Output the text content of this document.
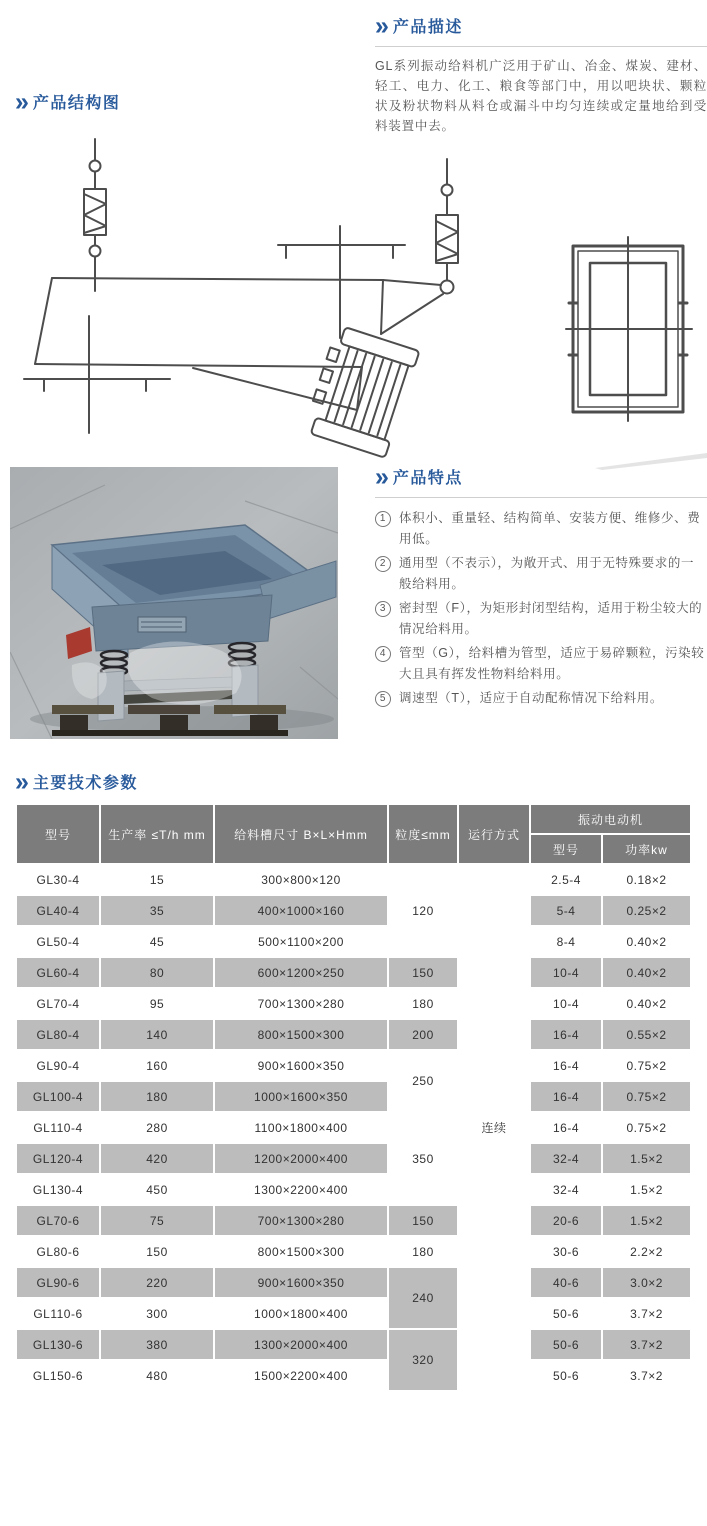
» 产品描述

GL系列振动给料机广泛用于矿山、冶金、煤炭、建材、轻工、电力、化工、粮食等部门中，用以吧块状、颗粒状及粉状物料从料仓或漏斗中均匀连续或定量地给到受料装置中去。

» 产品结构图
» 产品特点
1	体积小、重量轻、结构简单、安装方便、维修少、费用低。
2	通用型（不表示），为敞开式、用于无特殊要求的一般给料用。
3	密封型（F），为矩形封闭型结构，适用于粉尘较大的情况给料用。
4	管型（G），给料槽为管型，适应于易碎颗粒，污染较大且具有挥发性物料给料用。
5	调速型（T），适应于自动配称情况下给料用。
» 主要技术参数
型号	生产率 ≤T/h mm	给料槽尺寸 B×L×Hmm	粒度≤mm	运行方式	振动电动机	
					型号	功率kw
GL30-4	15	300×800×120	120	连续	2.5-4	0.18×2
GL40-4	35	400×1000×160			5-4	0.25×2
GL50-4	45	500×1100×200			8-4	0.40×2
GL60-4	80	600×1200×250	150		10-4	0.40×2
GL70-4	95	700×1300×280	180		10-4	0.40×2
GL80-4	140	800×1500×300	200		16-4	0.55×2
GL90-4	160	900×1600×350	250		16-4	0.75×2
GL100-4	180	1000×1600×350			16-4	0.75×2
GL110-4	280	1100×1800×400	350		16-4	0.75×2
GL120-4	420	1200×2000×400			32-4	1.5×2
GL130-4	450	1300×2200×400			32-4	1.5×2
GL70-6	75	700×1300×280	150		20-6	1.5×2
GL80-6	150	800×1500×300	180		30-6	2.2×2
GL90-6	220	900×1600×350	240		40-6	3.0×2
GL110-6	300	1000×1800×400			50-6	3.7×2
GL130-6	380	1300×2000×400	320		50-6	3.7×2
GL150-6	480	1500×2200×400			50-6	3.7×2
